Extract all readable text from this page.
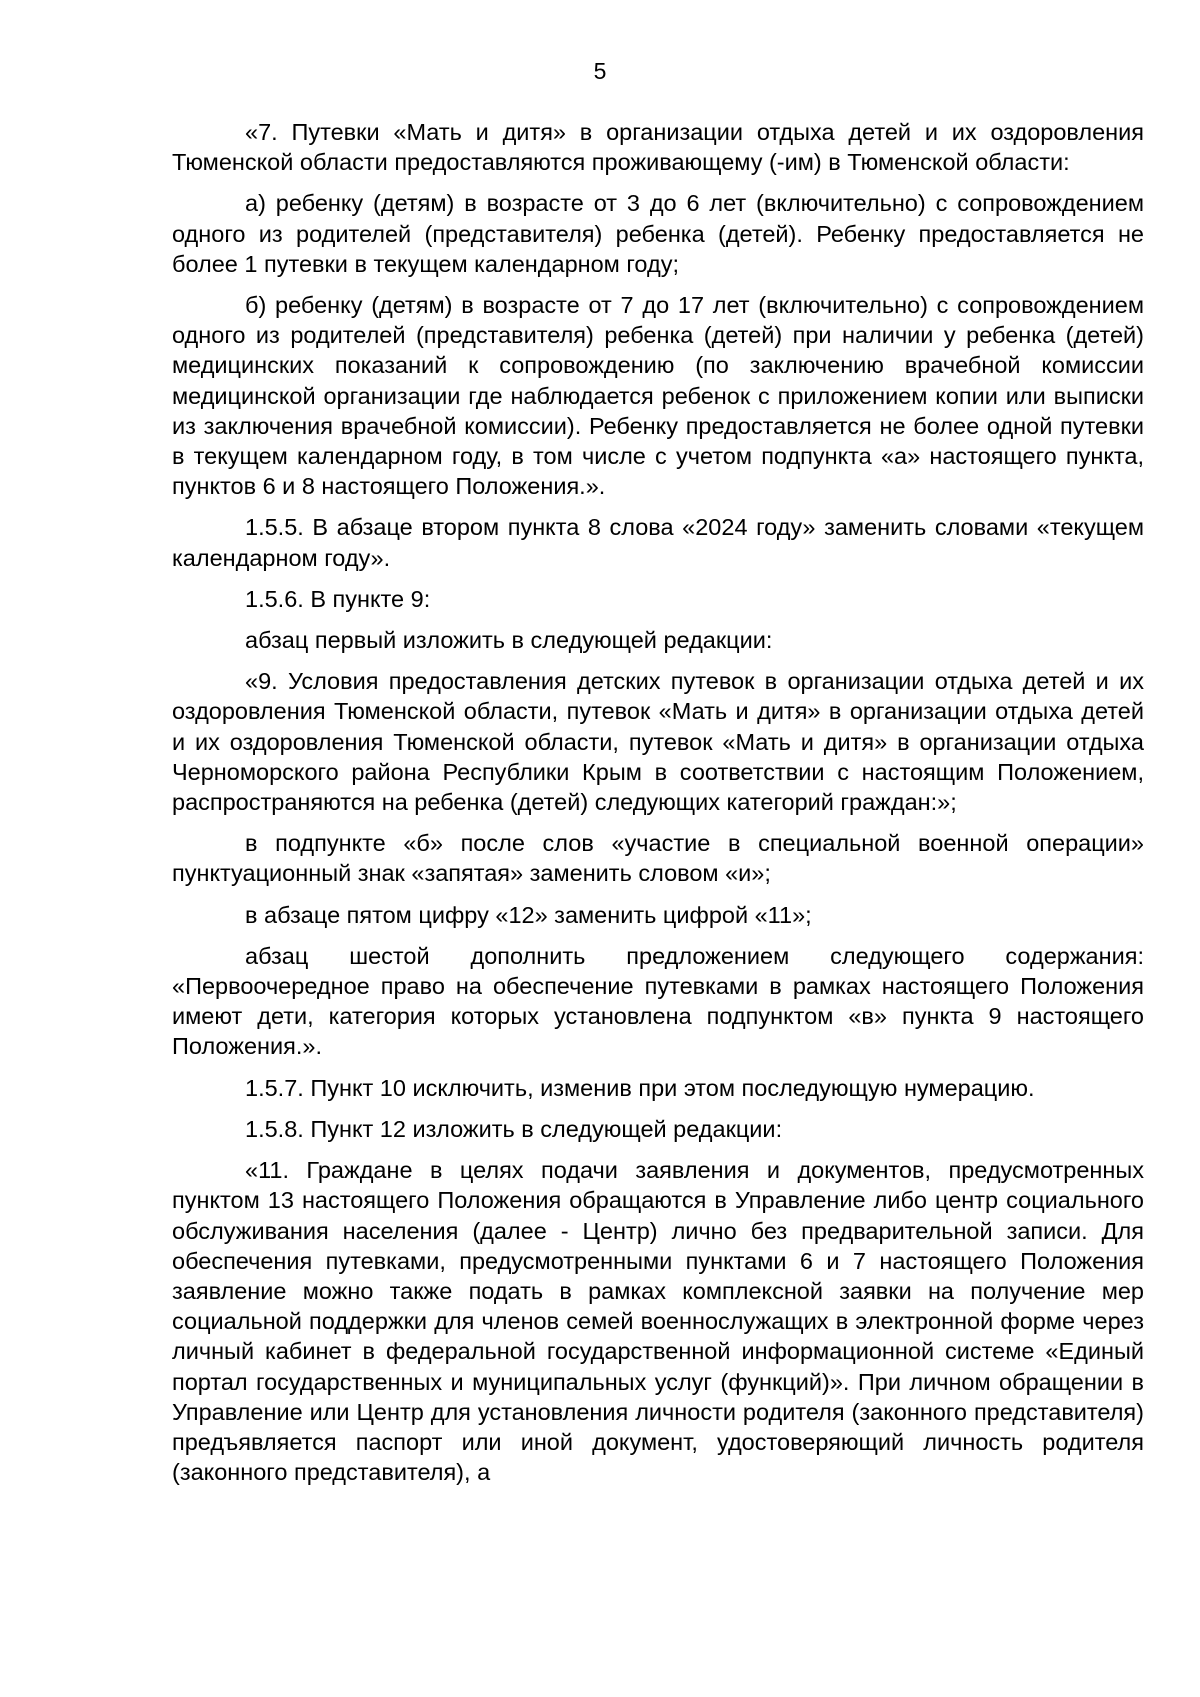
5

«7. Путевки «Мать и дитя» в организации отдыха детей и их оздоровления Тюменской области предоставляются проживающему (-им) в Тюменской области:

а) ребенку (детям) в возрасте от 3 до 6 лет (включительно) с сопровождением одного из родителей (представителя) ребенка (детей). Ребенку предоставляется не более 1 путевки в текущем календарном году;

б) ребенку (детям) в возрасте от 7 до 17 лет (включительно) с сопровождением одного из родителей (представителя) ребенка (детей) при наличии у ребенка (детей) медицинских показаний к сопровождению (по заключению врачебной комиссии медицинской организации где наблюдается ребенок с приложением копии или выписки из заключения врачебной комиссии). Ребенку предоставляется не более одной путевки в текущем календарном году, в том числе с учетом подпункта «а» настоящего пункта, пунктов 6 и 8 настоящего Положения.».

1.5.5. В абзаце втором пункта 8 слова «2024 году» заменить словами «текущем календарном году».

1.5.6. В пункте 9:

абзац первый изложить в следующей редакции:

«9. Условия предоставления детских путевок в организации отдыха детей и их оздоровления Тюменской области, путевок «Мать и дитя» в организации отдыха детей и их оздоровления Тюменской области, путевок «Мать и дитя» в организации отдыха Черноморского района Республики Крым в соответствии с настоящим Положением, распространяются на ребенка (детей) следующих категорий граждан:»;

в подпункте «б» после слов «участие в специальной военной операции» пунктуационный знак «запятая» заменить словом «и»;

в абзаце пятом цифру «12» заменить цифрой «11»;

абзац шестой дополнить предложением следующего содержания: «Первоочередное право на обеспечение путевками в рамках настоящего Положения имеют дети, категория которых установлена подпунктом «в» пункта 9 настоящего Положения.».

1.5.7. Пункт 10 исключить, изменив при этом последующую нумерацию.

1.5.8. Пункт 12 изложить в следующей редакции:

«11. Граждане в целях подачи заявления и документов, предусмотренных пунктом 13 настоящего Положения обращаются в Управление либо центр социального обслуживания населения (далее - Центр) лично без предварительной записи. Для обеспечения путевками, предусмотренными пунктами 6 и 7 настоящего Положения заявление можно также подать в рамках комплексной заявки на получение мер социальной поддержки для членов семей военнослужащих в электронной форме через личный кабинет в федеральной государственной информационной системе «Единый портал государственных и муниципальных услуг (функций)». При личном обращении в Управление или Центр для установления личности родителя (законного представителя) предъявляется паспорт или иной документ, удостоверяющий личность родителя (законного представителя), а
